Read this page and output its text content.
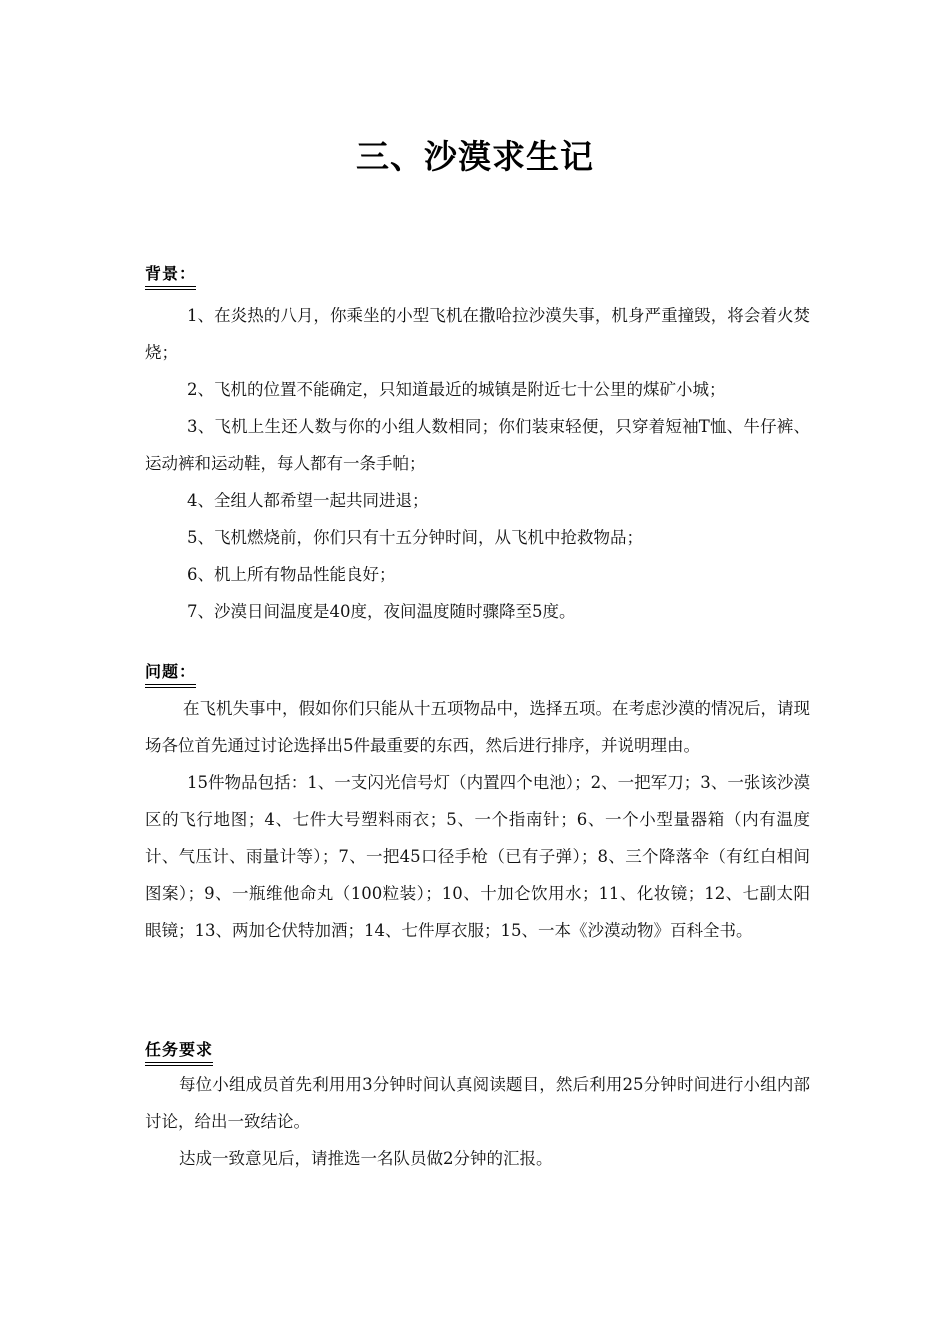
三、沙漠求生记
背景：

1、在炎热的八月，你乘坐的小型飞机在撒哈拉沙漠失事，机身严重撞毁，将会着火焚烧；

2、飞机的位置不能确定，只知道最近的城镇是附近七十公里的煤矿小城；

3、飞机上生还人数与你的小组人数相同；你们装束轻便，只穿着短袖T恤、牛仔裤、运动裤和运动鞋，每人都有一条手帕；

4、全组人都希望一起共同进退；

5、飞机燃烧前，你们只有十五分钟时间，从飞机中抢救物品；

6、机上所有物品性能良好；

7、沙漠日间温度是40度，夜间温度随时骤降至5度。

问题：

在飞机失事中，假如你们只能从十五项物品中，选择五项。在考虑沙漠的情况后，请现场各位首先通过讨论选择出5件最重要的东西，然后进行排序，并说明理由。

15件物品包括：1、一支闪光信号灯（内置四个电池）；2、一把军刀；3、一张该沙漠区的飞行地图；4、七件大号塑料雨衣；5、一个指南针；6、一个小型量器箱（内有温度计、气压计、雨量计等）；7、一把45口径手枪（已有子弹）；8、三个降落伞（有红白相间图案）；9、一瓶维他命丸（100粒装）；10、十加仑饮用水；11、化妆镜；12、七副太阳眼镜；13、两加仑伏特加酒；14、七件厚衣服；15、一本《沙漠动物》百科全书。

任务要求

每位小组成员首先利用用3分钟时间认真阅读题目，然后利用25分钟时间进行小组内部讨论，给出一致结论。

达成一致意见后，请推选一名队员做2分钟的汇报。
